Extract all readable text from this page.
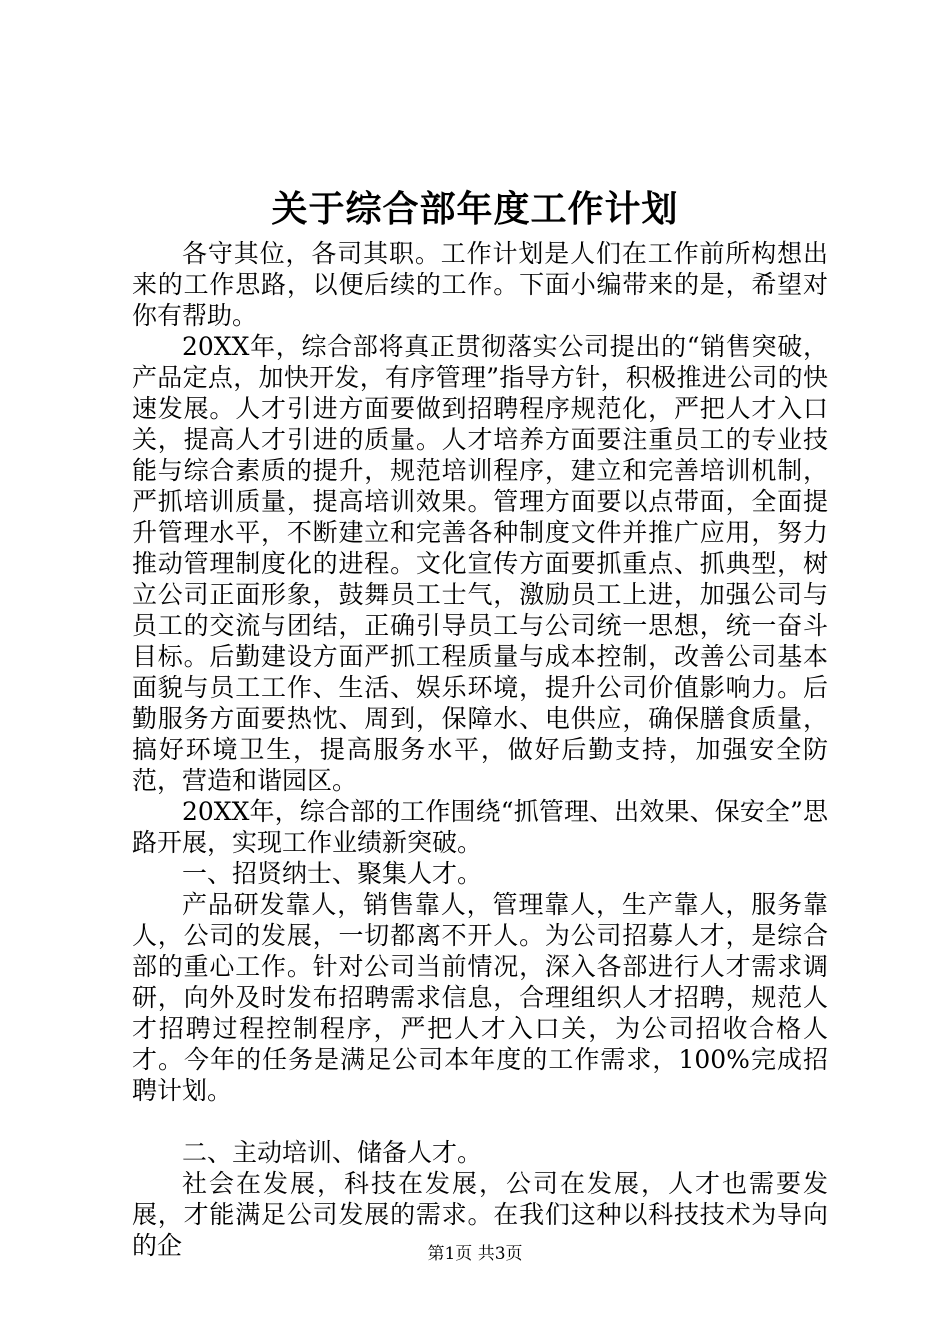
关于综合部年度工作计划

各守其位，各司其职。工作计划是人们在工作前所构想出来的工作思路，以便后续的工作。下面小编带来的是，希望对你有帮助。

20XX年，综合部将真正贯彻落实公司提出的“销售突破，产品定点，加快开发，有序管理”指导方针，积极推进公司的快速发展。人才引进方面要做到招聘程序规范化，严把人才入口关，提高人才引进的质量。人才培养方面要注重员工的专业技能与综合素质的提升，规范培训程序，建立和完善培训机制，严抓培训质量，提高培训效果。管理方面要以点带面，全面提升管理水平，不断建立和完善各种制度文件并推广应用，努力推动管理制度化的进程。文化宣传方面要抓重点、抓典型，树立公司正面形象，鼓舞员工士气，激励员工上进，加强公司与员工的交流与团结，正确引导员工与公司统一思想，统一奋斗目标。后勤建设方面严抓工程质量与成本控制，改善公司基本面貌与员工工作、生活、娱乐环境，提升公司价值影响力。后勤服务方面要热忱、周到，保障水、电供应，确保膳食质量，搞好环境卫生，提高服务水平，做好后勤支持，加强安全防范，营造和谐园区。

20XX年，综合部的工作围绕“抓管理、出效果、保安全”思路开展，实现工作业绩新突破。

一、招贤纳士、聚集人才。

产品研发靠人，销售靠人，管理靠人，生产靠人，服务靠人，公司的发展，一切都离不开人。为公司招募人才，是综合部的重心工作。针对公司当前情况，深入各部进行人才需求调研，向外及时发布招聘需求信息，合理组织人才招聘，规范人才招聘过程控制程序，严把人才入口关，为公司招收合格人才。今年的任务是满足公司本年度的工作需求，100%完成招聘计划。

二、主动培训、储备人才。

社会在发展，科技在发展，公司在发展，人才也需要发展，才能满足公司发展的需求。在我们这种以科技技术为导向的企	第1页 共3页
